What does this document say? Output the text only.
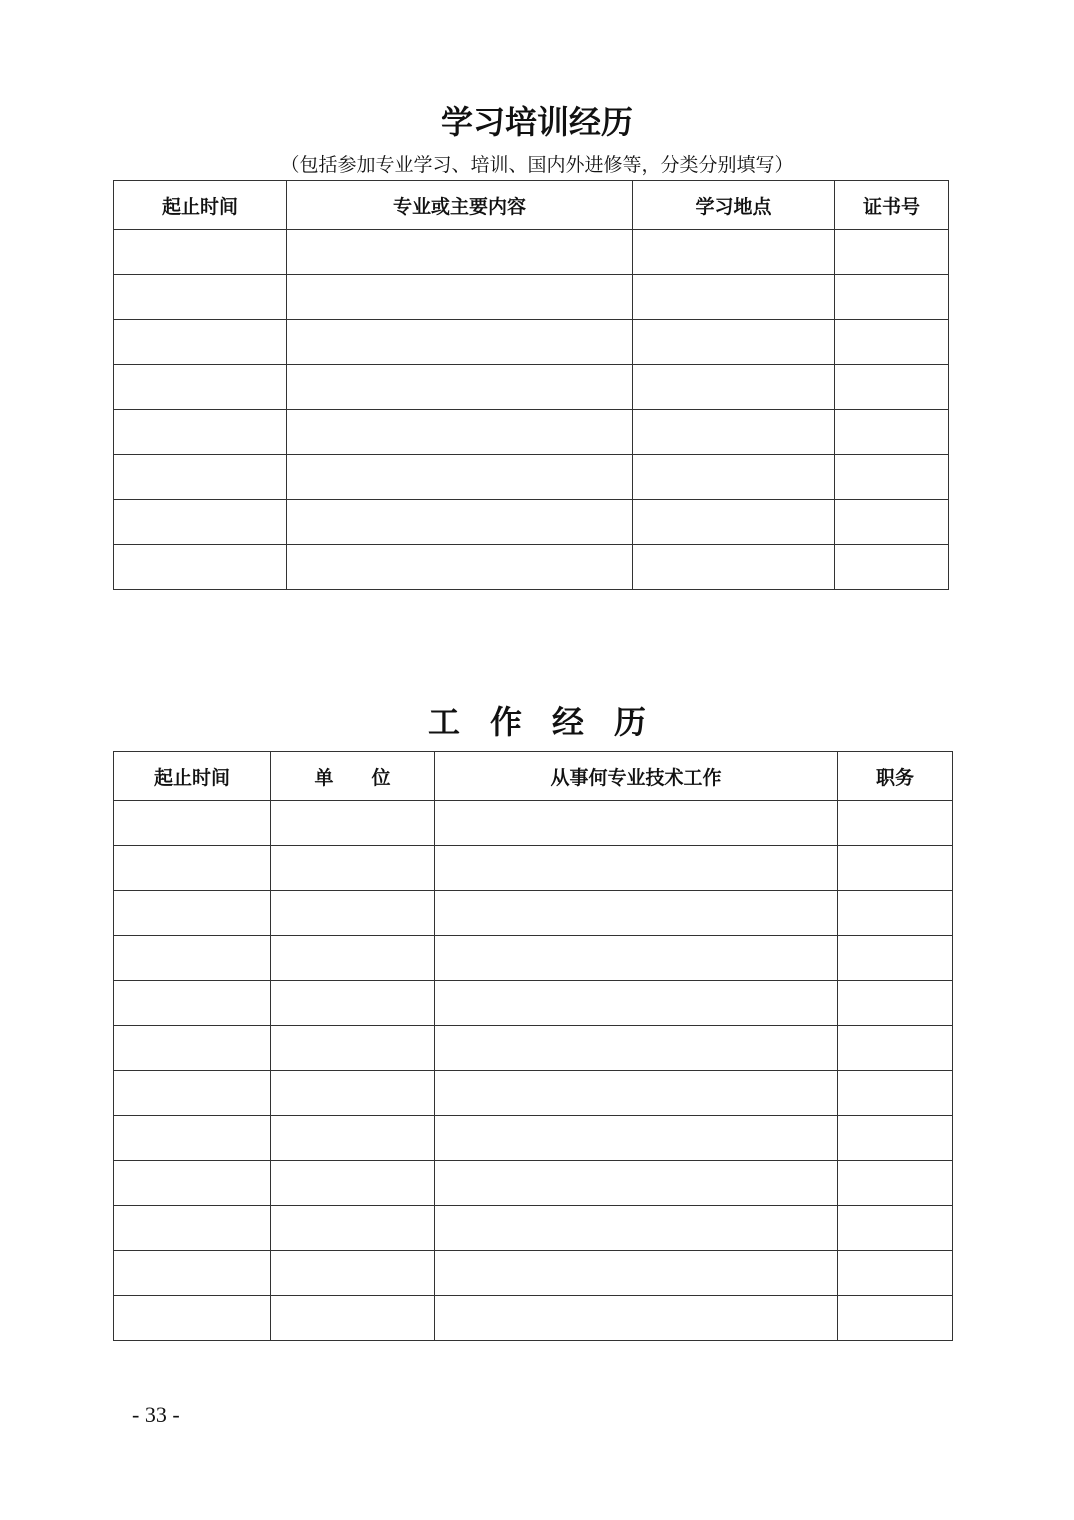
学习培训经历
（包括参加专业学习、培训、国内外进修等，分类分别填写）
起止时间	专业或主要内容	学习地点	证书号

工作经历
起止时间	单　　位	从事何专业技术工作	职务

- 33 -
